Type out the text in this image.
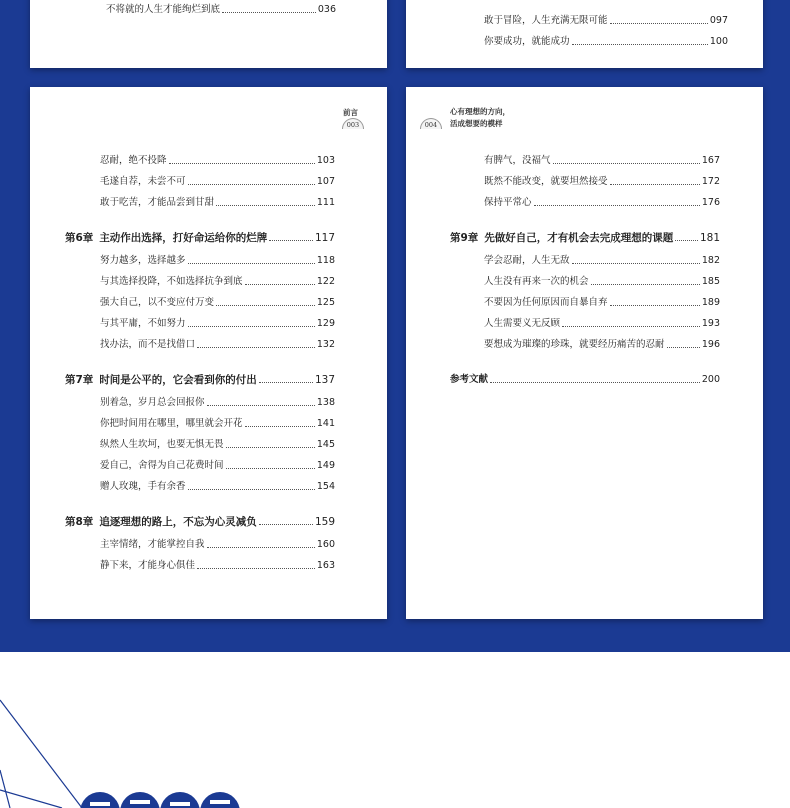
不将就的人生才能绚烂到底	036
敢于冒险，人生充满无限可能	097
你要成功，就能成功	100
前言
003
忍耐，绝不投降	103
毛遂自荐，未尝不可	107
敢于吃苦，才能品尝到甘甜	111
第6章 主动作出选择，打好命运给你的烂牌	117
努力越多，选择越多	118
与其选择投降，不如选择抗争到底	122
强大自己，以不变应付万变	125
与其平庸，不如努力	129
找办法，而不是找借口	132
第7章 时间是公平的，它会看到你的付出	137
别着急，岁月总会回报你	138
你把时间用在哪里，哪里就会开花	141
纵然人生坎坷，也要无惧无畏	145
爱自己，舍得为自己花费时间	149
赠人玫瑰，手有余香	154
第8章 追逐理想的路上，不忘为心灵减负	159
主宰情绪，才能掌控自我	160
静下来，才能身心俱佳	163
004
心有理想的方向，
活成想要的模样
有脾气，没福气	167
既然不能改变，就要坦然接受	172
保持平常心	176
第9章 先做好自己，才有机会去完成理想的课题	181
学会忍耐，人生无敌	182
人生没有再来一次的机会	185
不要因为任何原因而自暴自弃	189
人生需要义无反顾	193
要想成为璀璨的珍珠，就要经历痛苦的忍耐	196
参考文献	200
